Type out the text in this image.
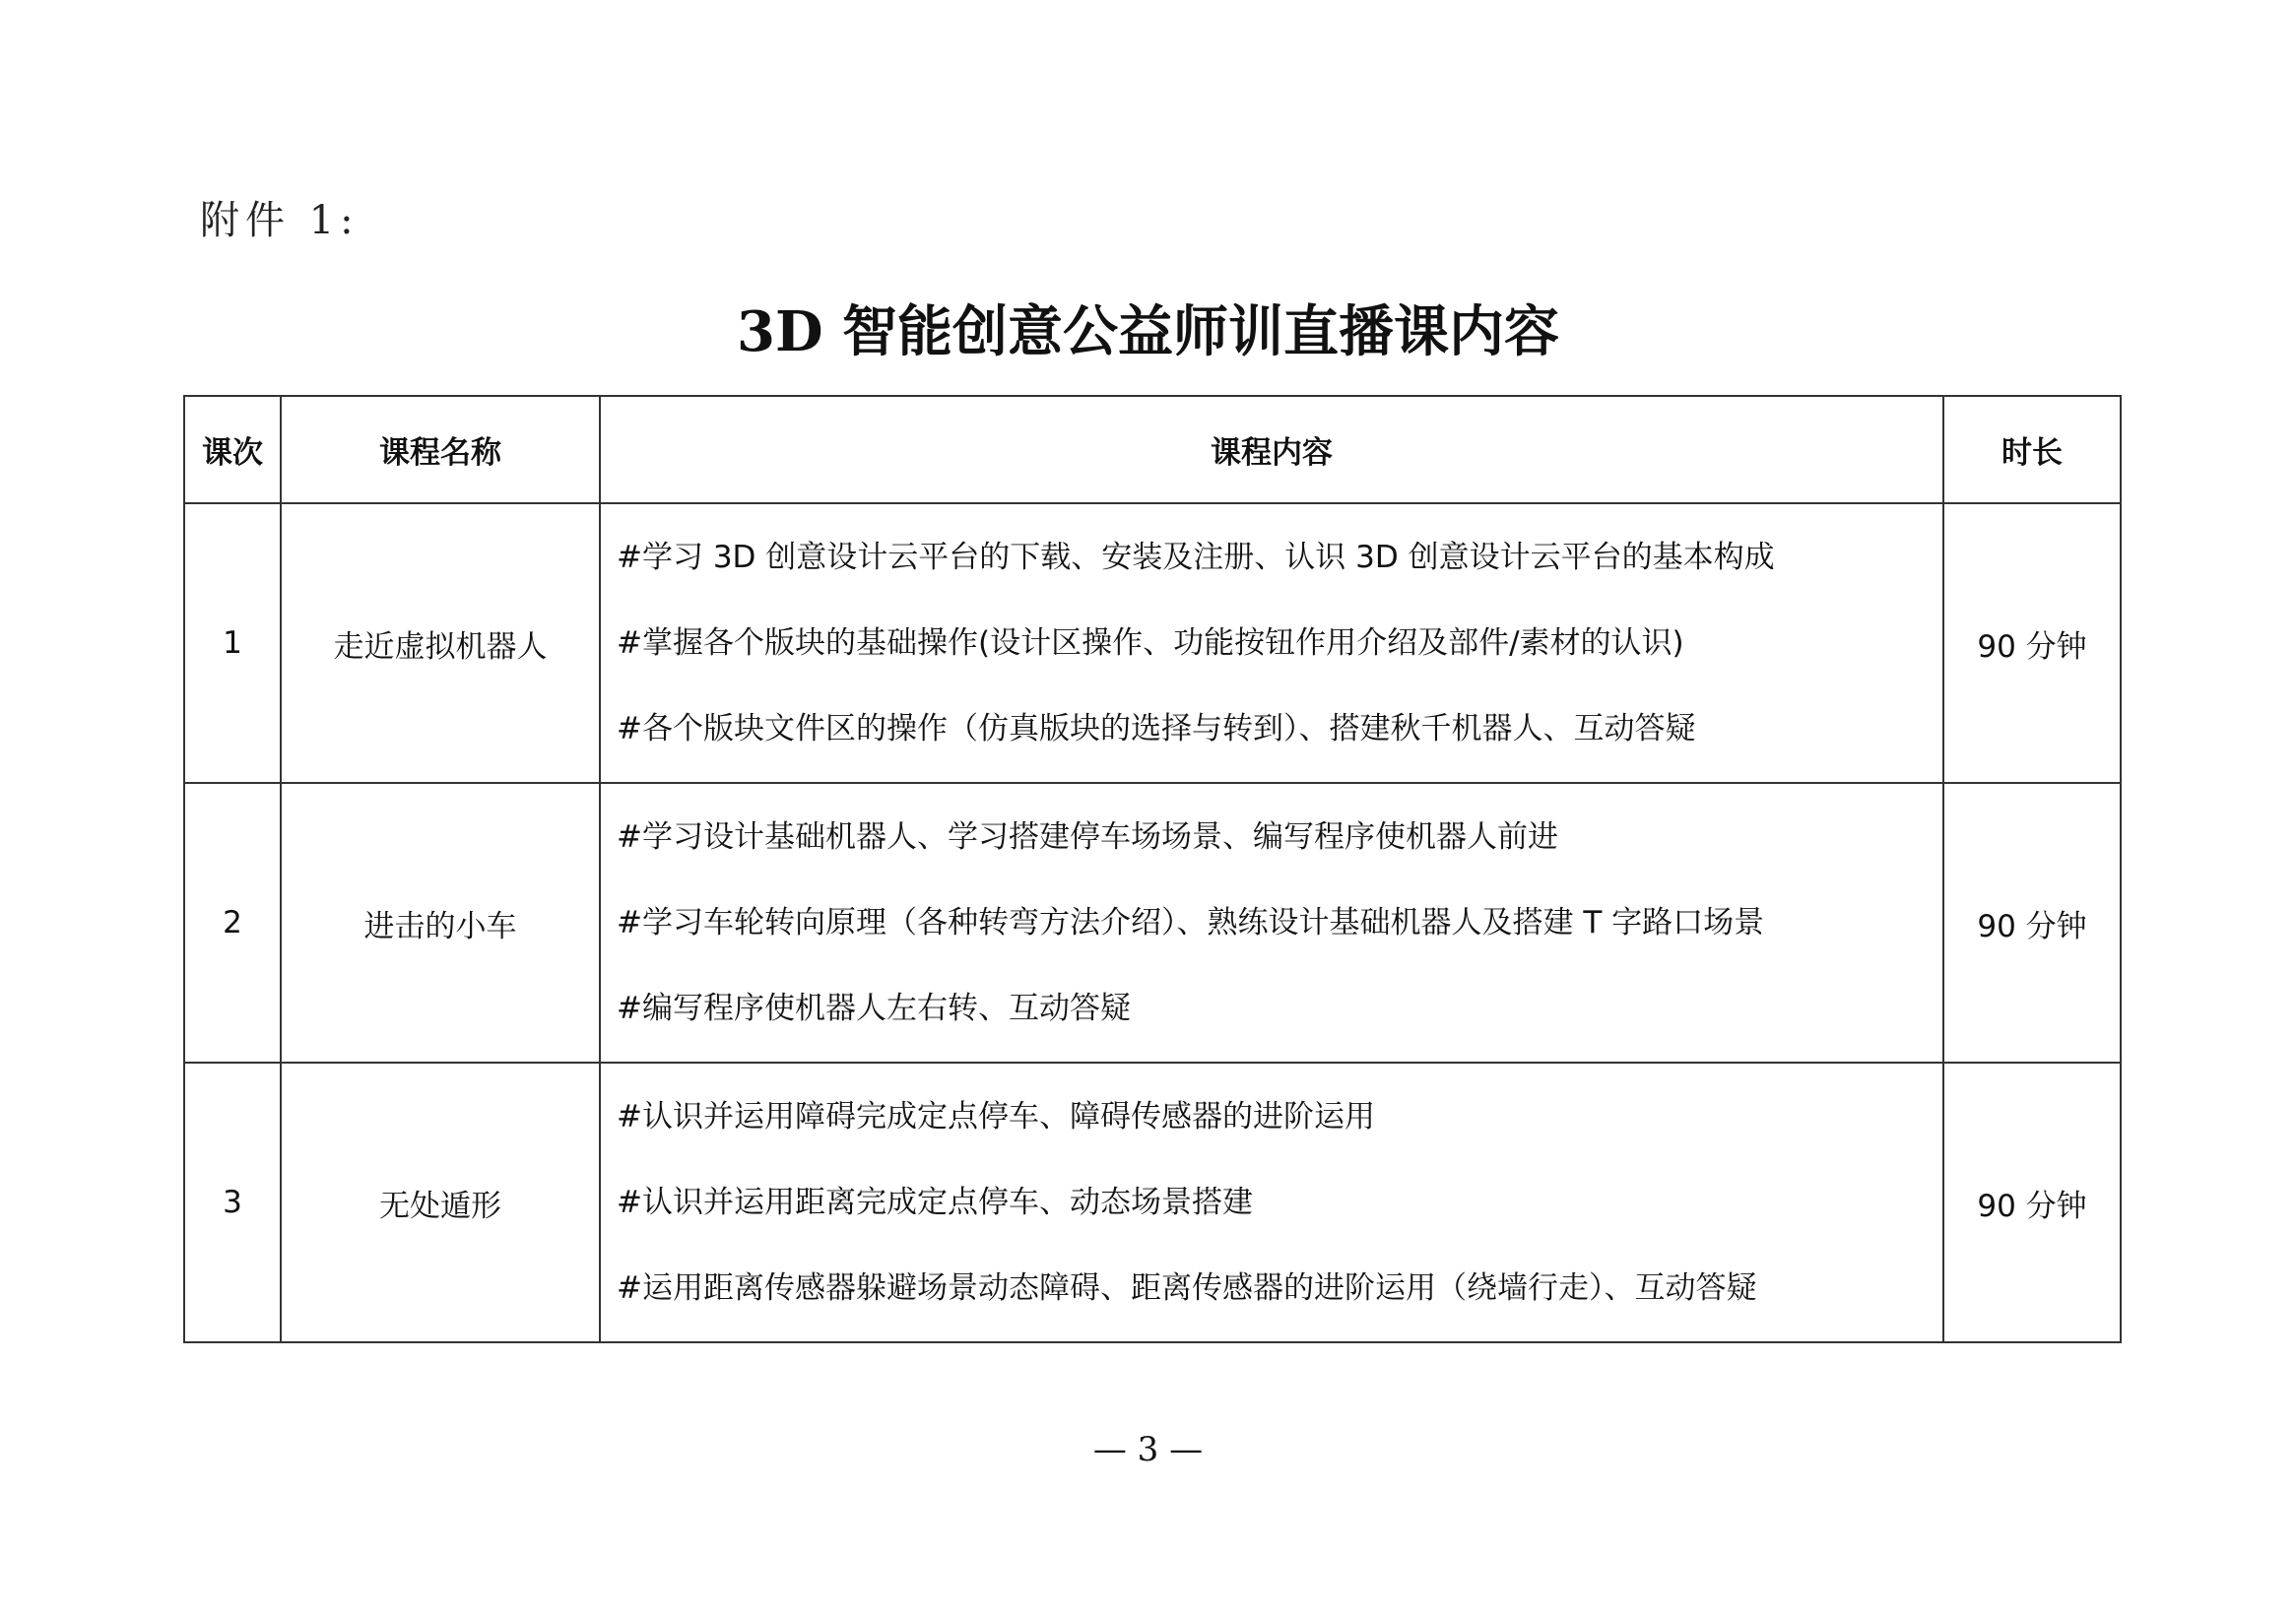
附件 1:
3D 智能创意公益师训直播课内容
课次	课程名称	课程内容	时长
1	走近虚拟机器人	#学习 3D 创意设计云平台的下载、安装及注册、认识 3D 创意设计云平台的基本构成
#掌握各个版块的基础操作(设计区操作、功能按钮作用介绍及部件/素材的认识)
#各个版块文件区的操作（仿真版块的选择与转到）、搭建秋千机器人、互动答疑	90 分钟
2	进击的小车	#学习设计基础机器人、学习搭建停车场场景、编写程序使机器人前进
#学习车轮转向原理（各种转弯方法介绍）、熟练设计基础机器人及搭建 T 字路口场景
#编写程序使机器人左右转、互动答疑	90 分钟
3	无处遁形	#认识并运用障碍完成定点停车、障碍传感器的进阶运用
#认识并运用距离完成定点停车、动态场景搭建
#运用距离传感器躲避场景动态障碍、距离传感器的进阶运用（绕墙行走）、互动答疑	90 分钟
— 3 —
